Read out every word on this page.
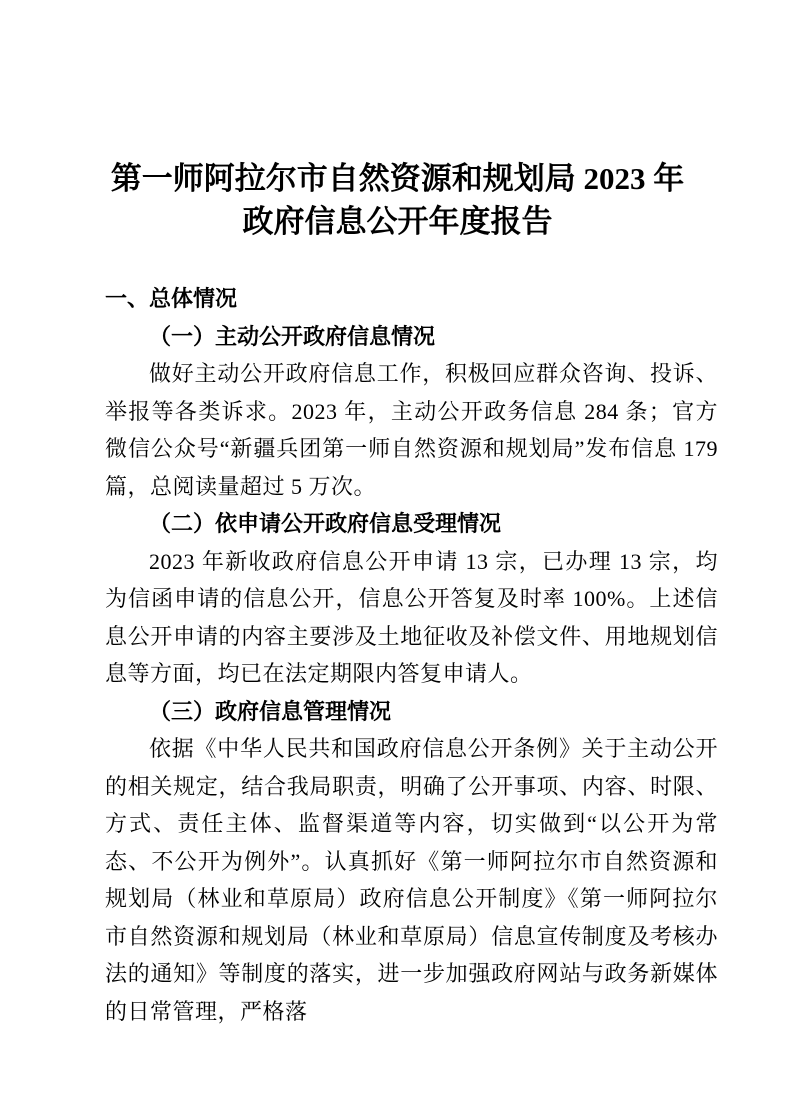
第一师阿拉尔市自然资源和规划局 2023 年
政府信息公开年度报告
一、总体情况
（一）主动公开政府信息情况
做好主动公开政府信息工作，积极回应群众咨询、投诉、举报等各类诉求。2023 年，主动公开政务信息 284 条；官方微信公众号“新疆兵团第一师自然资源和规划局”发布信息 179 篇，总阅读量超过 5 万次。
（二）依申请公开政府信息受理情况
2023 年新收政府信息公开申请 13 宗，已办理 13 宗，均为信函申请的信息公开，信息公开答复及时率 100%。上述信息公开申请的内容主要涉及土地征收及补偿文件、用地规划信息等方面，均已在法定期限内答复申请人。
（三）政府信息管理情况
依据《中华人民共和国政府信息公开条例》关于主动公开的相关规定，结合我局职责，明确了公开事项、内容、时限、方式、责任主体、监督渠道等内容，切实做到“以公开为常态、不公开为例外”。认真抓好《第一师阿拉尔市自然资源和规划局（林业和草原局）政府信息公开制度》《第一师阿拉尔市自然资源和规划局（林业和草原局）信息宣传制度及考核办法的通知》等制度的落实，进一步加强政府网站与政务新媒体的日常管理，严格落
